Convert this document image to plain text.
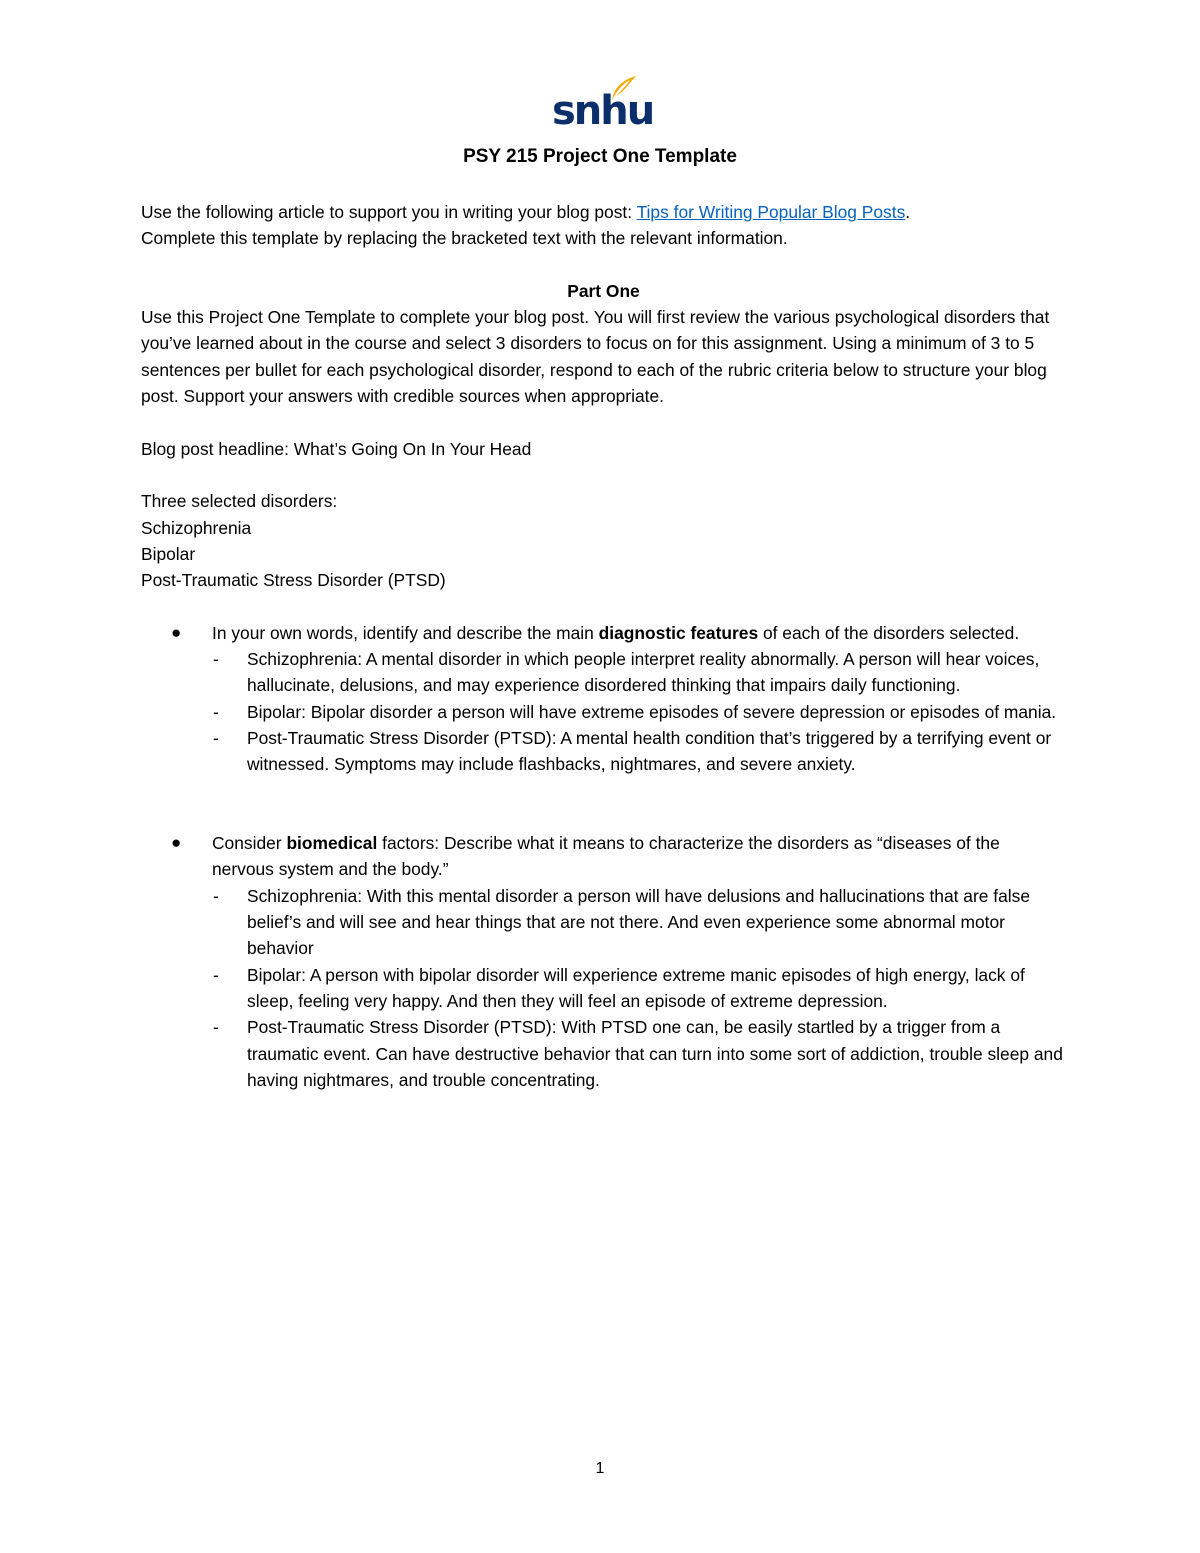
snhu
PSY 215 Project One Template

Use the following article to support you in writing your blog post: Tips for Writing Popular Blog Posts.
Complete this template by replacing the bracketed text with the relevant information.

Part One

Use this Project One Template to complete your blog post. You will first review the various psychological disorders that you’ve learned about in the course and select 3 disorders to focus on for this assignment. Using a minimum of 3 to 5 sentences per bullet for each psychological disorder, respond to each of the rubric criteria below to structure your blog post. Support your answers with credible sources when appropriate.

Blog post headline: What’s Going On In Your Head

Three selected disorders:

Schizophrenia

Bipolar

Post-Traumatic Stress Disorder (PTSD)

● In your own words, identify and describe the main diagnostic features of each of the disorders selected.
- Schizophrenia: A mental disorder in which people interpret reality abnormally. A person will hear voices, hallucinate, delusions, and may experience disordered thinking that impairs daily functioning.
- Bipolar: Bipolar disorder a person will have extreme episodes of severe depression or episodes of mania.
- Post-Traumatic Stress Disorder (PTSD): A mental health condition that’s triggered by a terrifying event or witnessed. Symptoms may include flashbacks, nightmares, and severe anxiety.
● Consider biomedical factors: Describe what it means to characterize the disorders as “diseases of the nervous system and the body.”
- Schizophrenia: With this mental disorder a person will have delusions and hallucinations that are false belief’s and will see and hear things that are not there. And even experience some abnormal motor behavior
- Bipolar: A person with bipolar disorder will experience extreme manic episodes of high energy, lack of sleep, feeling very happy. And then they will feel an episode of extreme depression.
- Post-Traumatic Stress Disorder (PTSD): With PTSD one can, be easily startled by a trigger from a traumatic event. Can have destructive behavior that can turn into some sort of addiction, trouble sleep and having nightmares, and trouble concentrating.
1
